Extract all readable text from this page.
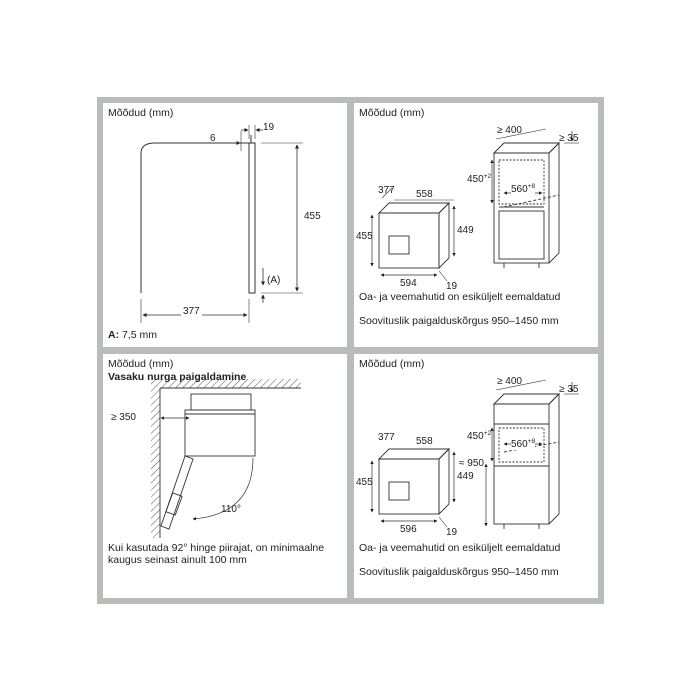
Mõõdud (mm)
6
19
455
(A)
377
A: 7,5 mm
Mõõdud (mm)
377 558
455
449
594	19
≥ 400
≥ 35
$450^{+2}$
$560^{+8}$
Oa- ja veemahutid on esiküljelt eemaldatud
Soovituslik paigalduskõrgus 950–1450 mm
Mõõdud (mm)
Vasaku nurga paigaldamine
≥ 350
110°
Kui kasutada 92° hinge piirajat, on minimaalne kaugus seinast ainult 100 mm
Mõõdud (mm)
377 558
455
449
596	19
≥ 400
≥ 35
$450^{+2}$
$560^{+8}$
≈ 950
Oa- ja veemahutid on esiküljelt eemaldatud
Soovituslik paigalduskõrgus 950–1450 mm
